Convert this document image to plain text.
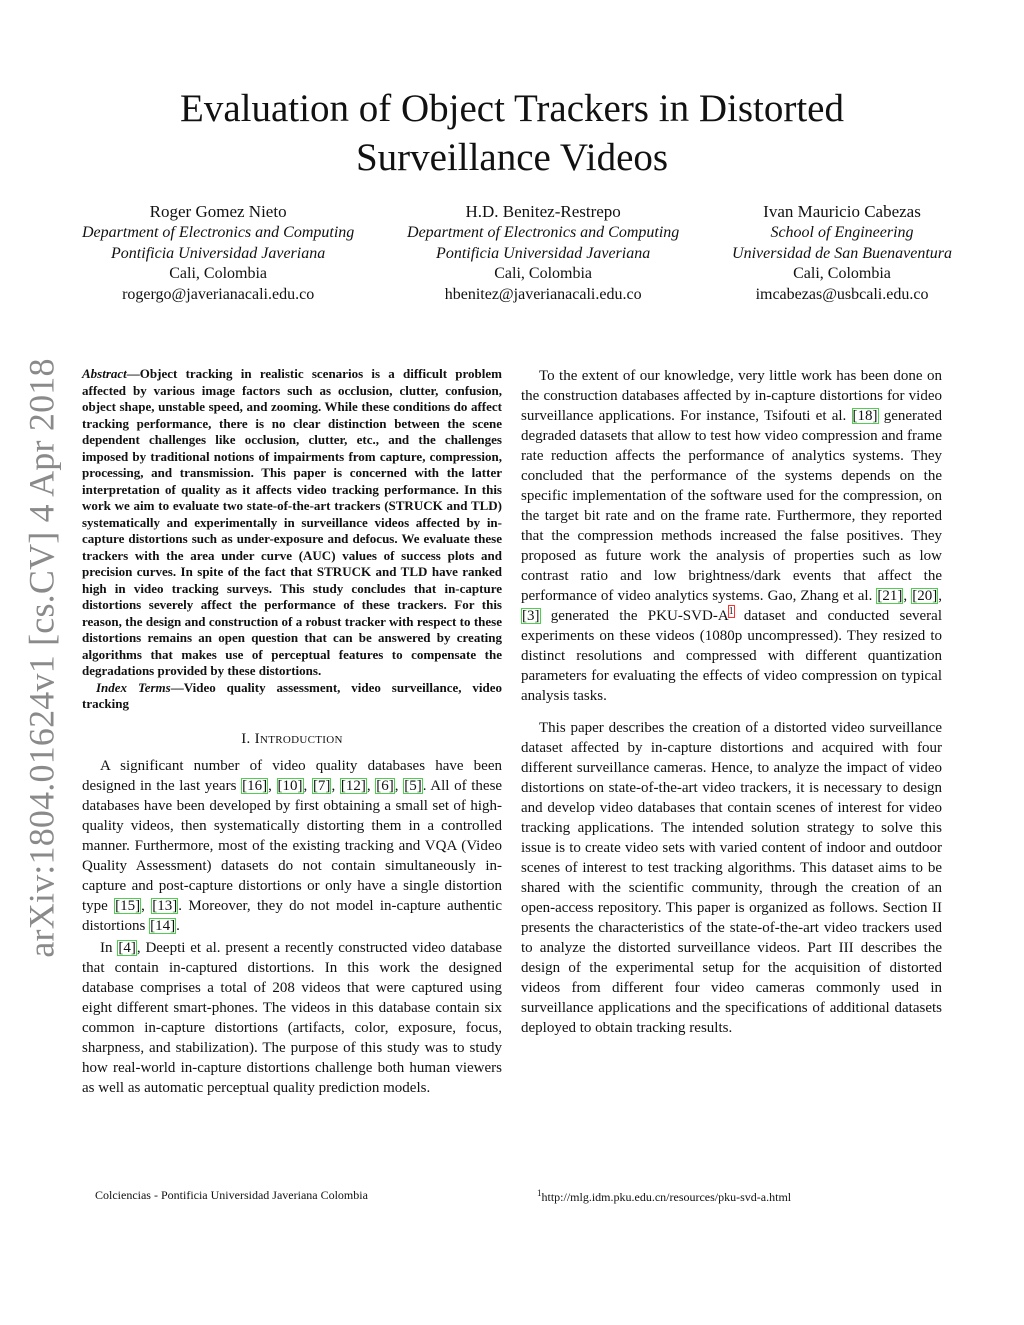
arXiv:1804.01624v1 [cs.CV] 4 Apr 2018
Evaluation of Object Trackers in Distorted
Surveillance Videos
Roger Gomez Nieto
Department of Electronics and Computing
Pontificia Universidad Javeriana
Cali, Colombia
rogergo@javerianacali.edu.co
H.D. Benitez-Restrepo
Department of Electronics and Computing
Pontificia Universidad Javeriana
Cali, Colombia
hbenitez@javerianacali.edu.co
Ivan Mauricio Cabezas
School of Engineering
Universidad de San Buenaventura
Cali, Colombia
imcabezas@usbcali.edu.co

Abstract—Object tracking in realistic scenarios is a difficult problem affected by various image factors such as occlusion, clutter, confusion, object shape, unstable speed, and zooming. While these conditions do affect tracking performance, there is no clear distinction between the scene dependent challenges like occlusion, clutter, etc., and the challenges imposed by traditional notions of impairments from capture, compression, processing, and transmission. This paper is concerned with the latter interpretation of quality as it affects video tracking performance. In this work we aim to evaluate two state-of-the-art trackers (STRUCK and TLD) systematically and experimentally in surveillance videos affected by in-capture distortions such as under-exposure and defocus. We evaluate these trackers with the area under curve (AUC) values of success plots and precision curves. In spite of the fact that STRUCK and TLD have ranked high in video tracking surveys. This study concludes that in-capture distortions severely affect the performance of these trackers. For this reason, the design and construction of a robust tracker with respect to these distortions remains an open question that can be answered by creating algorithms that makes use of perceptual features to compensate the degradations provided by these distortions.

Index Terms—Video quality assessment, video surveillance, video tracking

I. Introduction

A significant number of video quality databases have been designed in the last years [16], [10], [7], [12], [6], [5]. All of these databases have been developed by first obtaining a small set of high-quality videos, then systematically distorting them in a controlled manner. Furthermore, most of the existing tracking and VQA (Video Quality Assessment) datasets do not contain simultaneously in-capture and post-capture distortions or only have a single distortion type [15], [13]. Moreover, they do not model in-capture authentic distortions [14].

In [4], Deepti et al. present a recently constructed video database that contain in-captured distortions. In this work the designed database comprises a total of 208 videos that were captured using eight different smart-phones. The videos in this database contain six common in-capture distortions (artifacts, color, exposure, focus, sharpness, and stabilization). The purpose of this study was to study how real-world in-capture distortions challenge both human viewers as well as automatic perceptual quality prediction models.

To the extent of our knowledge, very little work has been done on the construction databases affected by in-capture distortions for video surveillance applications. For instance, Tsifouti et al. [18] generated degraded datasets that allow to test how video compression and frame rate reduction affects the performance of analytics systems. They concluded that the performance of the systems depends on the specific implementation of the software used for the compression, on the target bit rate and on the frame rate. Furthermore, they reported that the compression methods increased the false positives. They proposed as future work the analysis of properties such as low contrast ratio and low brightness/dark events that affect the performance of video analytics systems. Gao, Zhang et al. [21], [20], [3] generated the PKU-SVD-A$^1$ dataset and conducted several experiments on these videos (1080p uncompressed). They resized to distinct resolutions and compressed with different quantization parameters for evaluating the effects of video compression on typical analysis tasks.

This paper describes the creation of a distorted video surveillance dataset affected by in-capture distortions and acquired with four different surveillance cameras. Hence, to analyze the impact of video distortions on state-of-the-art video trackers, it is necessary to design and develop video databases that contain scenes of interest for video tracking applications. The intended solution strategy to solve this issue is to create video sets with varied content of indoor and outdoor scenes of interest to test tracking algorithms. This dataset aims to be shared with the scientific community, through the creation of an open-access repository. This paper is organized as follows. Section II presents the characteristics of the state-of-the-art video trackers used to analyze the distorted surveillance videos. Part III describes the design of the experimental setup for the acquisition of distorted videos from different four video cameras commonly used in surveillance applications and the specifications of additional datasets deployed to obtain tracking results.

Colciencias - Pontificia Universidad Javeriana Colombia	$^1$http://mlg.idm.pku.edu.cn/resources/pku-svd-a.html
